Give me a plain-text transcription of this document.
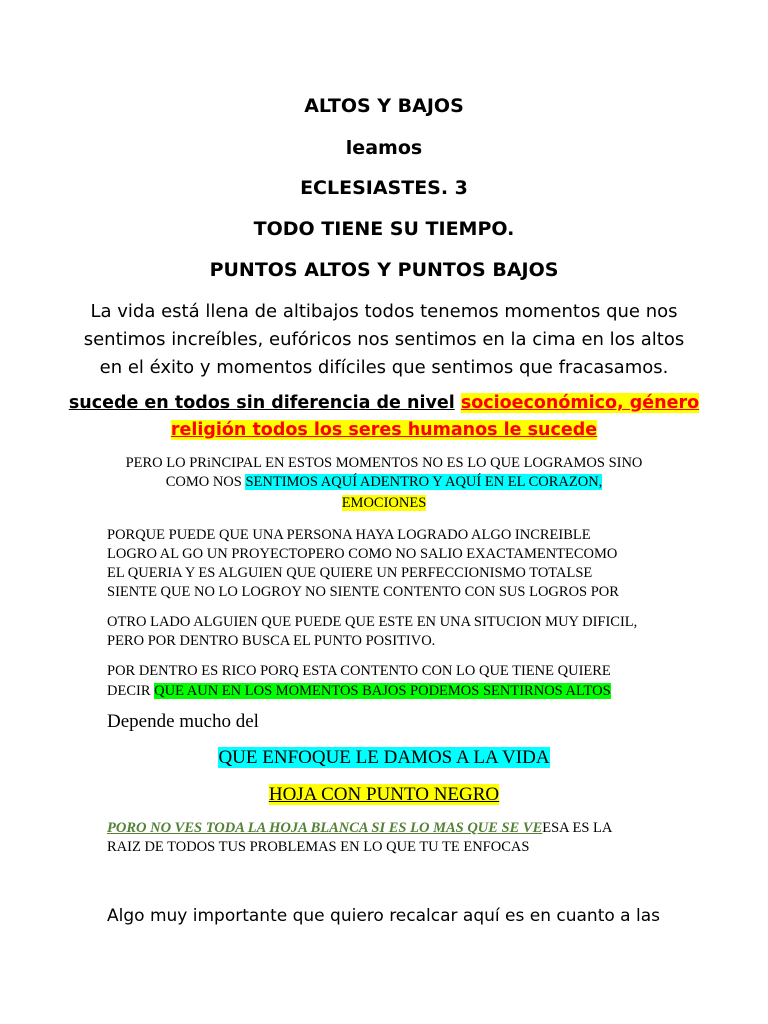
ALTOS Y BAJOS
leamos
ECLESIASTES. 3
TODO TIENE SU TIEMPO.
PUNTOS ALTOS Y PUNTOS BAJOS
La vida está llena de altibajos todos tenemos momentos que nos
sentimos increíbles, eufóricos nos sentimos en la cima en los altos
en el éxito y momentos difíciles que sentimos que fracasamos.
sucede en todos sin diferencia de nivel socioeconómico, género
religión todos los seres humanos le sucede
PERO LO PRiNCIPAL EN ESTOS MOMENTOS NO ES LO QUE LOGRAMOS SINO
COMO NOS SENTIMOS AQUÍ ADENTRO Y AQUÍ EN EL CORAZON,
EMOCIONES
PORQUE PUEDE QUE UNA PERSONA HAYA LOGRADO ALGO INCREIBLE
LOGRO AL GO UN PROYECTOPERO COMO NO SALIO EXACTAMENTECOMO
EL QUERIA Y ES ALGUIEN QUE QUIERE UN PERFECCIONISMO TOTALSE
SIENTE QUE NO LO LOGROY NO SIENTE CONTENTO CON SUS LOGROS POR
OTRO LADO ALGUIEN QUE PUEDE QUE ESTE EN UNA SITUCION MUY DIFICIL,
PERO POR DENTRO BUSCA EL PUNTO POSITIVO.
POR DENTRO ES RICO PORQ ESTA CONTENTO CON LO QUE TIENE QUIERE
DECIR QUE AUN EN LOS MOMENTOS BAJOS PODEMOS SENTIRNOS ALTOS
Depende mucho del
QUE ENFOQUE LE DAMOS A LA VIDA
HOJA CON PUNTO NEGRO
PORO NO VES TODA LA HOJA BLANCA SI ES LO MAS QUE SE VEESA ES LA
RAIZ DE TODOS TUS PROBLEMAS EN LO QUE TU TE ENFOCAS
Algo muy importante que quiero recalcar aquí es en cuanto a las
